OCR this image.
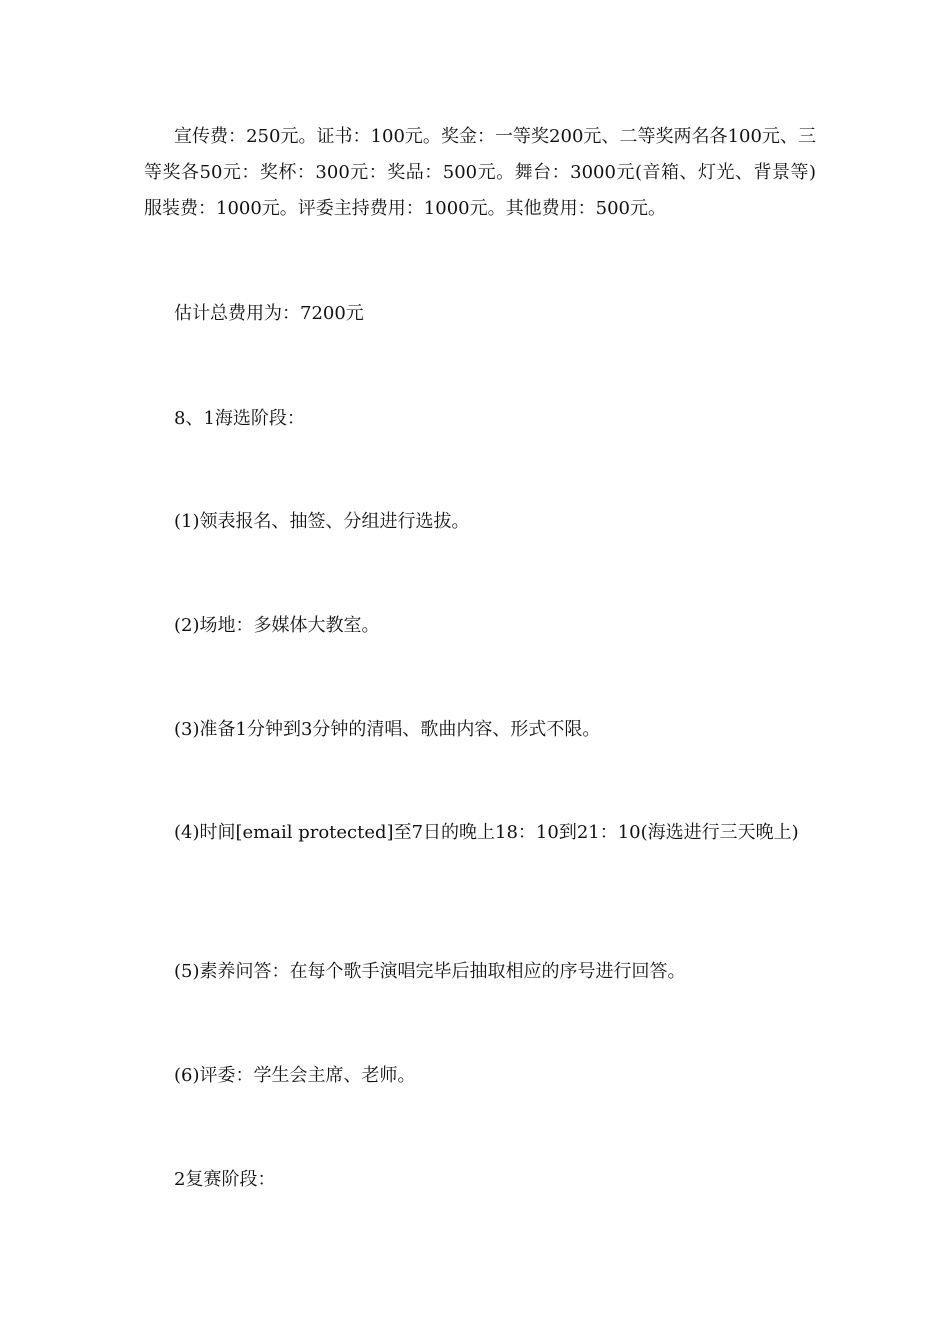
宣传费：250元。证书：100元。奖金：一等奖200元、二等奖两名各100元、三等奖各50元：奖杯：300元：奖品：500元。舞台：3000元(音箱、灯光、背景等)服装费：1000元。评委主持费用：1000元。其他费用：500元。

估计总费用为：7200元

8、1海选阶段：

(1)领表报名、抽签、分组进行选拔。

(2)场地：多媒体大教室。

(3)准备1分钟到3分钟的清唱、歌曲内容、形式不限。

(4)时间[email protected]至7日的晚上18：10到21：10(海选进行三天晚上)

(5)素养问答：在每个歌手演唱完毕后抽取相应的序号进行回答。

(6)评委：学生会主席、老师。

2复赛阶段：
